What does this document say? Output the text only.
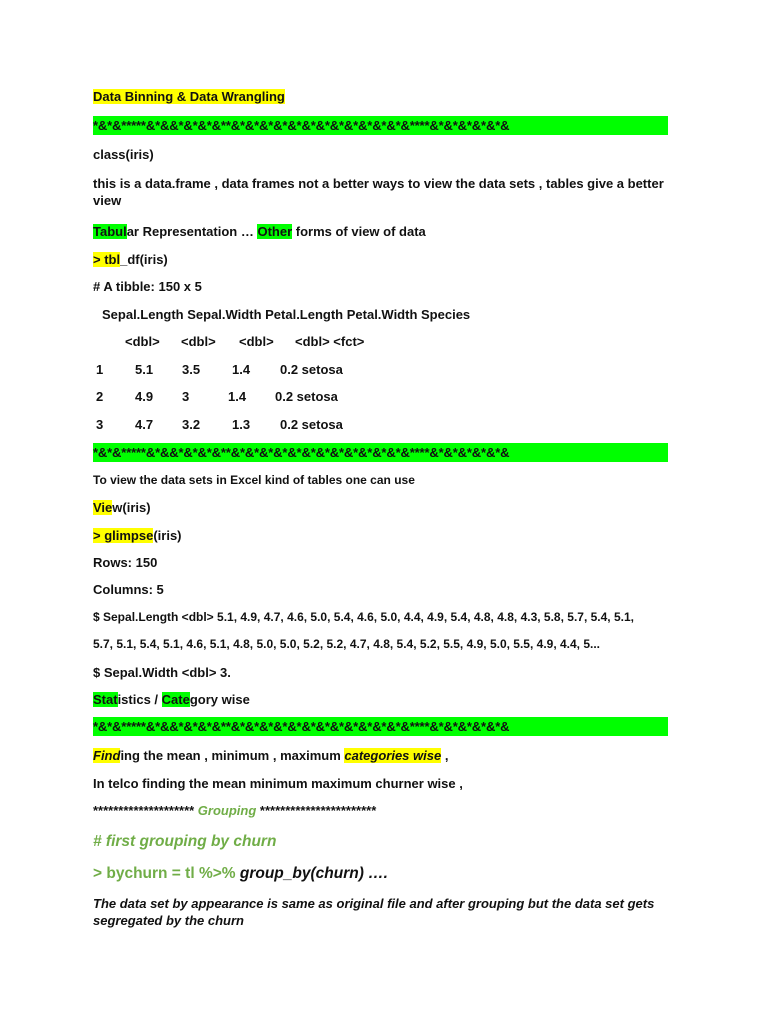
Data Binning & Data Wrangling

*&*&*****&*&&*&*&*&**&*&*&*&*&*&*&*&*&*&*&*&*&****&*&*&*&*&*&

class(iris)

this is a data.frame , data frames not a better ways to view the data sets , tables give a better view

Tabular Representation … Other forms of view of data

> tbl_df(iris)

# A tibble: 150 x 5

Sepal.Length Sepal.Width Petal.Length Petal.Width Species

<dbl> <dbl> <dbl> <dbl> <fct>
1 5.1 3.5 1.4 0.2 setosa
2 4.9 3	1.4 0.2 setosa
3 4.7 3.2 1.3 0.2 setosa
*&*&*****&*&&*&*&*&**&*&*&*&*&*&*&*&*&*&*&*&*&****&*&*&*&*&*&

To view the data sets in Excel kind of tables one can use

View(iris)

> glimpse(iris)

Rows: 150

Columns: 5

$ Sepal.Length <dbl> 5.1, 4.9, 4.7, 4.6, 5.0, 5.4, 4.6, 5.0, 4.4, 4.9, 5.4, 4.8, 4.8, 4.3, 5.8, 5.7, 5.4, 5.1,

5.7, 5.1, 5.4, 5.1, 4.6, 5.1, 4.8, 5.0, 5.0, 5.2, 5.2, 4.7, 4.8, 5.4, 5.2, 5.5, 4.9, 5.0, 5.5, 4.9, 4.4, 5...

$ Sepal.Width <dbl> 3.

Statistics / Category wise

*&*&*****&*&&*&*&*&**&*&*&*&*&*&*&*&*&*&*&*&*&****&*&*&*&*&*&

Finding the mean , minimum , maximum categories wise ,

In telco finding the mean minimum maximum churner wise ,

******************** Grouping ***********************

# first grouping by churn

> bychurn = tl %>% group_by(churn) ….

The data set by appearance is same as original file and after grouping but the data set gets segregated by the churn
